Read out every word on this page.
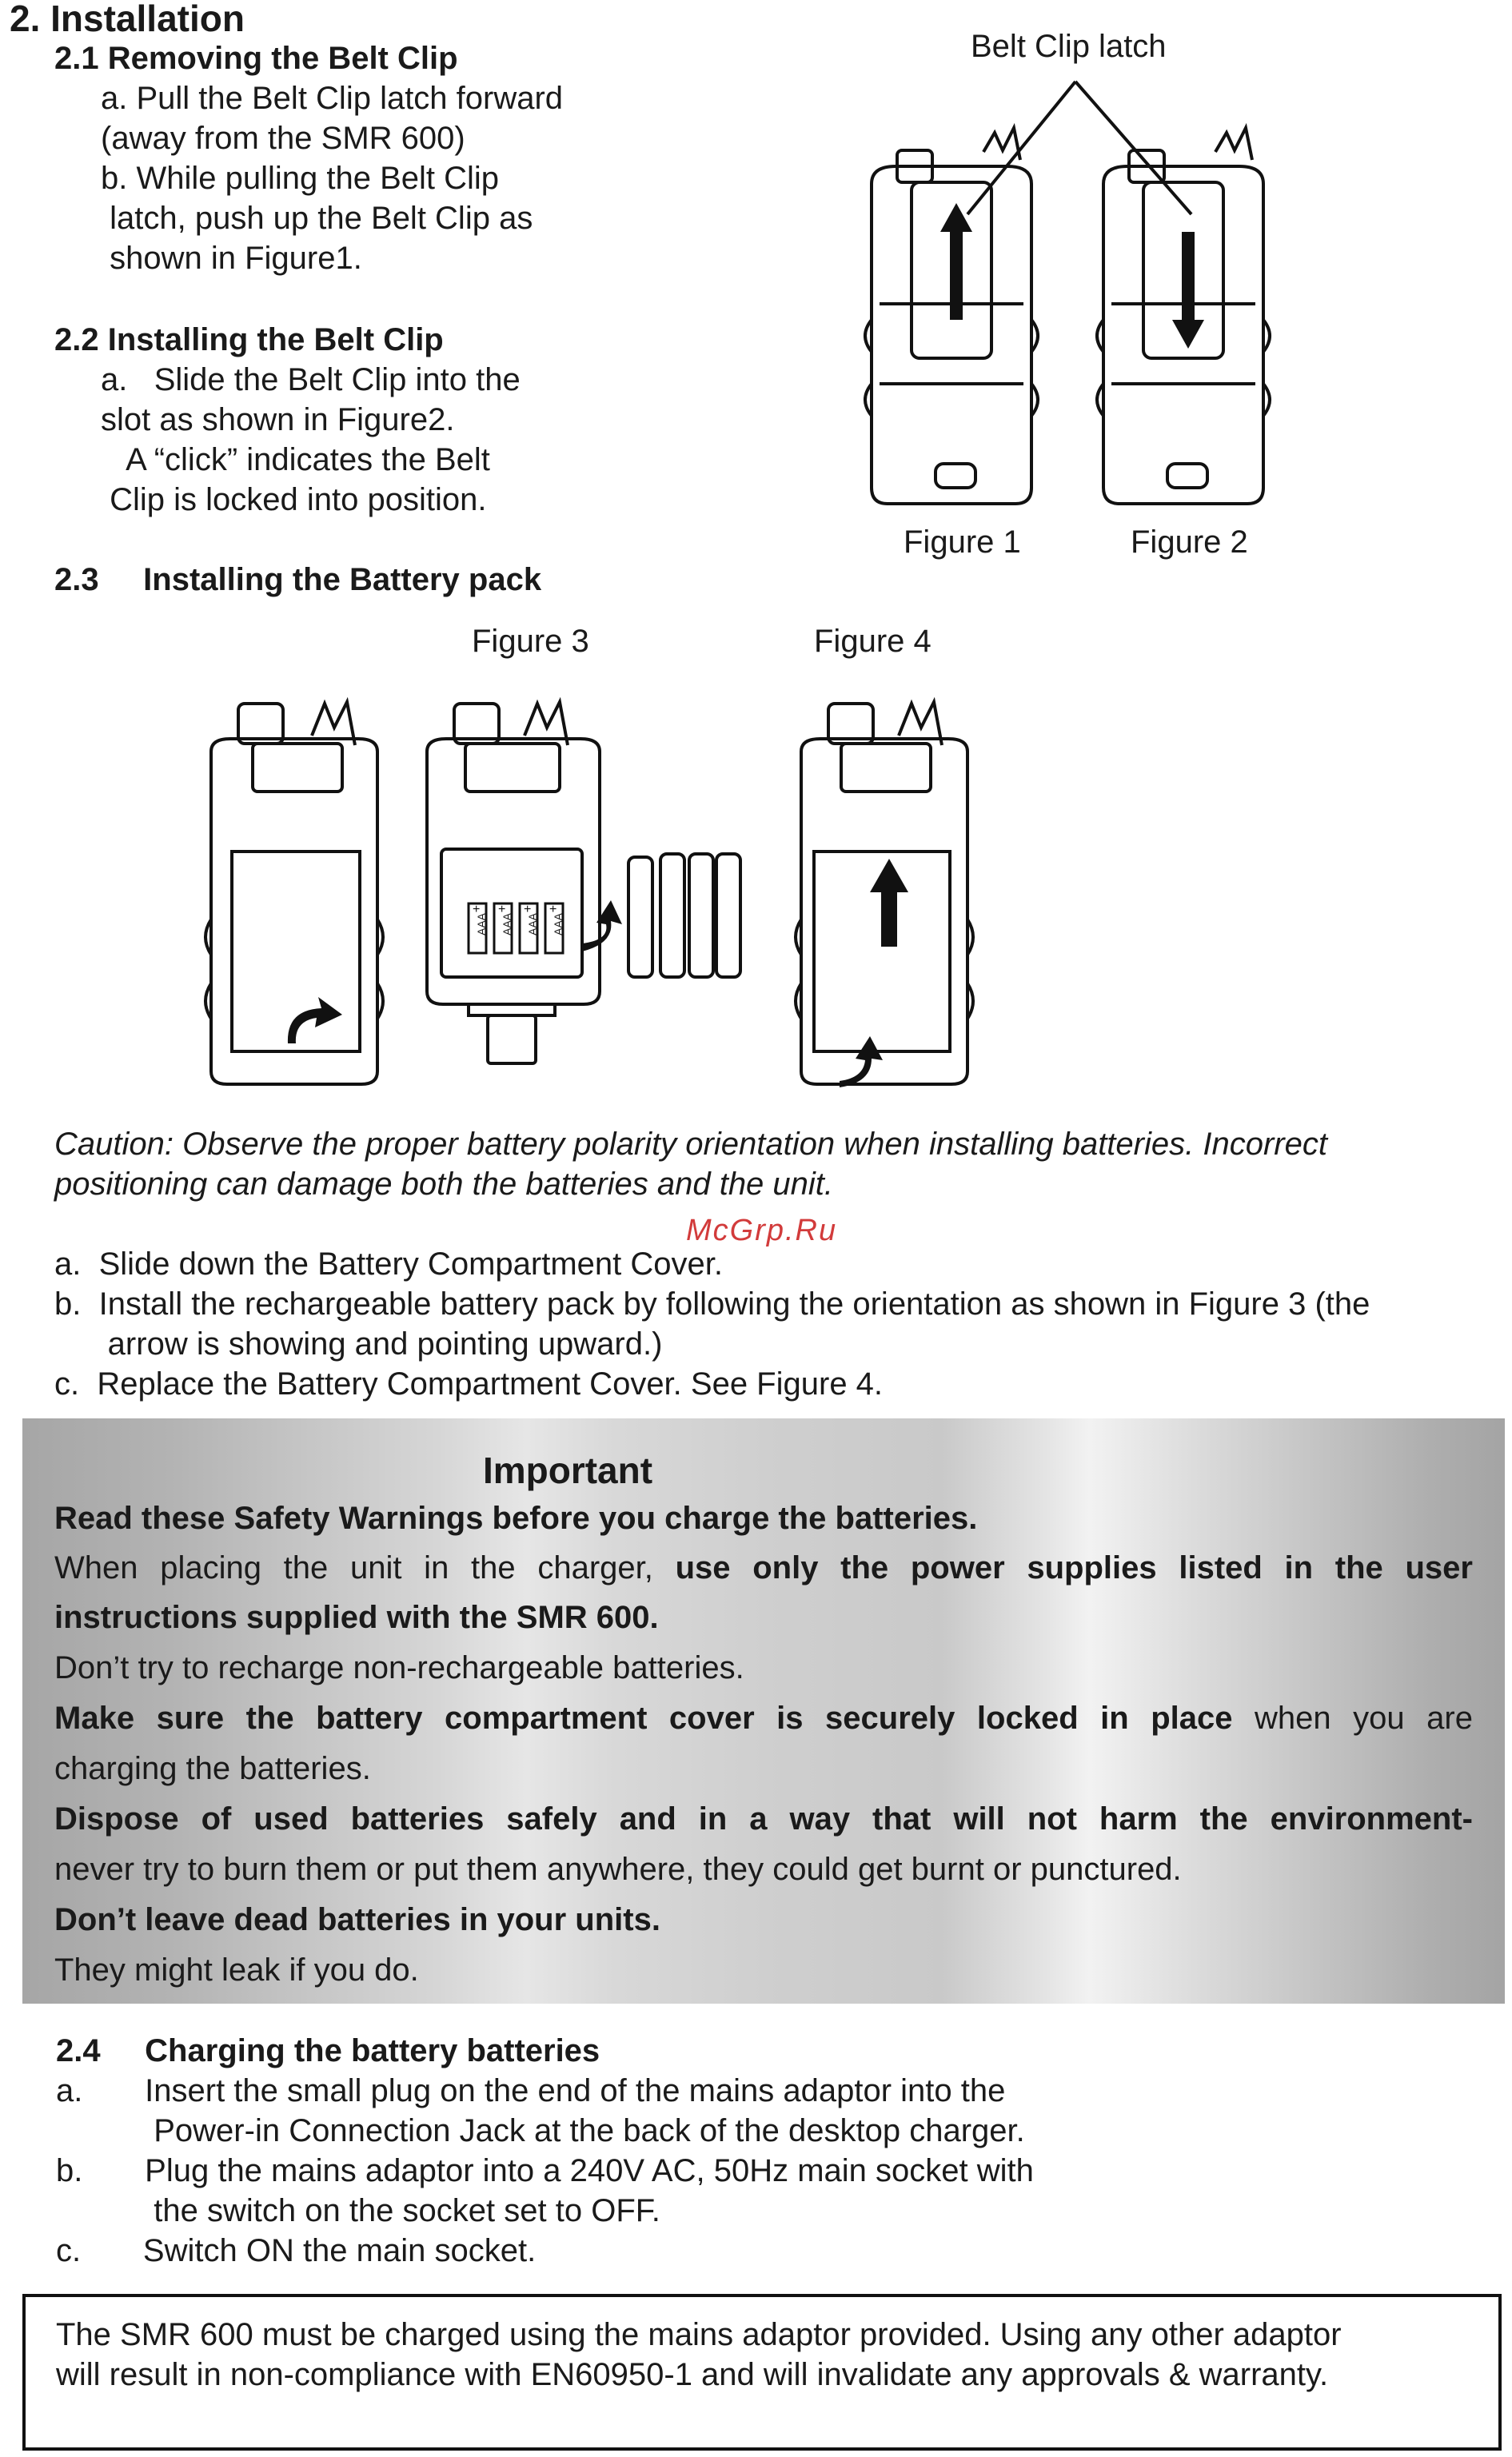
2. Installation
2.1 Removing the Belt Clip
a. Pull the Belt Clip latch forward
(away from the SMR 600)
b. While pulling the Belt Clip
latch, push up the Belt Clip as
shown in Figure1.
2.2 Installing the Belt Clip
a.   Slide the Belt Clip into the
slot as shown in Figure2.
A “click” indicates the Belt
Clip is locked into position.
2.3     Installing the Battery pack
Belt Clip latch
Figure 1	Figure 2
Figure 3	Figure 4
+ + + +
AAA AAA AAA AAA
Caution: Observe the proper battery polarity orientation when installing batteries. Incorrect
positioning can damage both the batteries and the unit.
McGrp.Ru
a.  Slide down the Battery Compartment Cover.
b.  Install the rechargeable battery pack by following the orientation as shown in Figure 3 (the
arrow is showing and pointing upward.)
c.  Replace the Battery Compartment Cover. See Figure 4.
Important
Read these Safety Warnings before you charge the batteries.
When placing the unit in the charger, use only the power supplies listed in the user
instructions supplied with the SMR 600.
Don’t try to recharge non-rechargeable batteries.
Make sure the battery compartment cover is securely locked in place when you are
charging the batteries.
Dispose of used batteries safely and in a way that will not harm the environment-
never try to burn them or put them anywhere, they could get burnt or punctured.
Don’t leave dead batteries in your units.
They might leak if you do.
2.4     Charging the battery batteries
a.       Insert the small plug on the end of the mains adaptor into the
Power-in Connection Jack at the back of the desktop charger.
b.       Plug the mains adaptor into a 240V AC, 50Hz main socket with
the switch on the socket set to OFF.
c.       Switch ON the main socket.
The SMR 600 must be charged using the mains adaptor provided. Using any other adaptor
will result in non-compliance with EN60950-1 and will invalidate any approvals & warranty.
